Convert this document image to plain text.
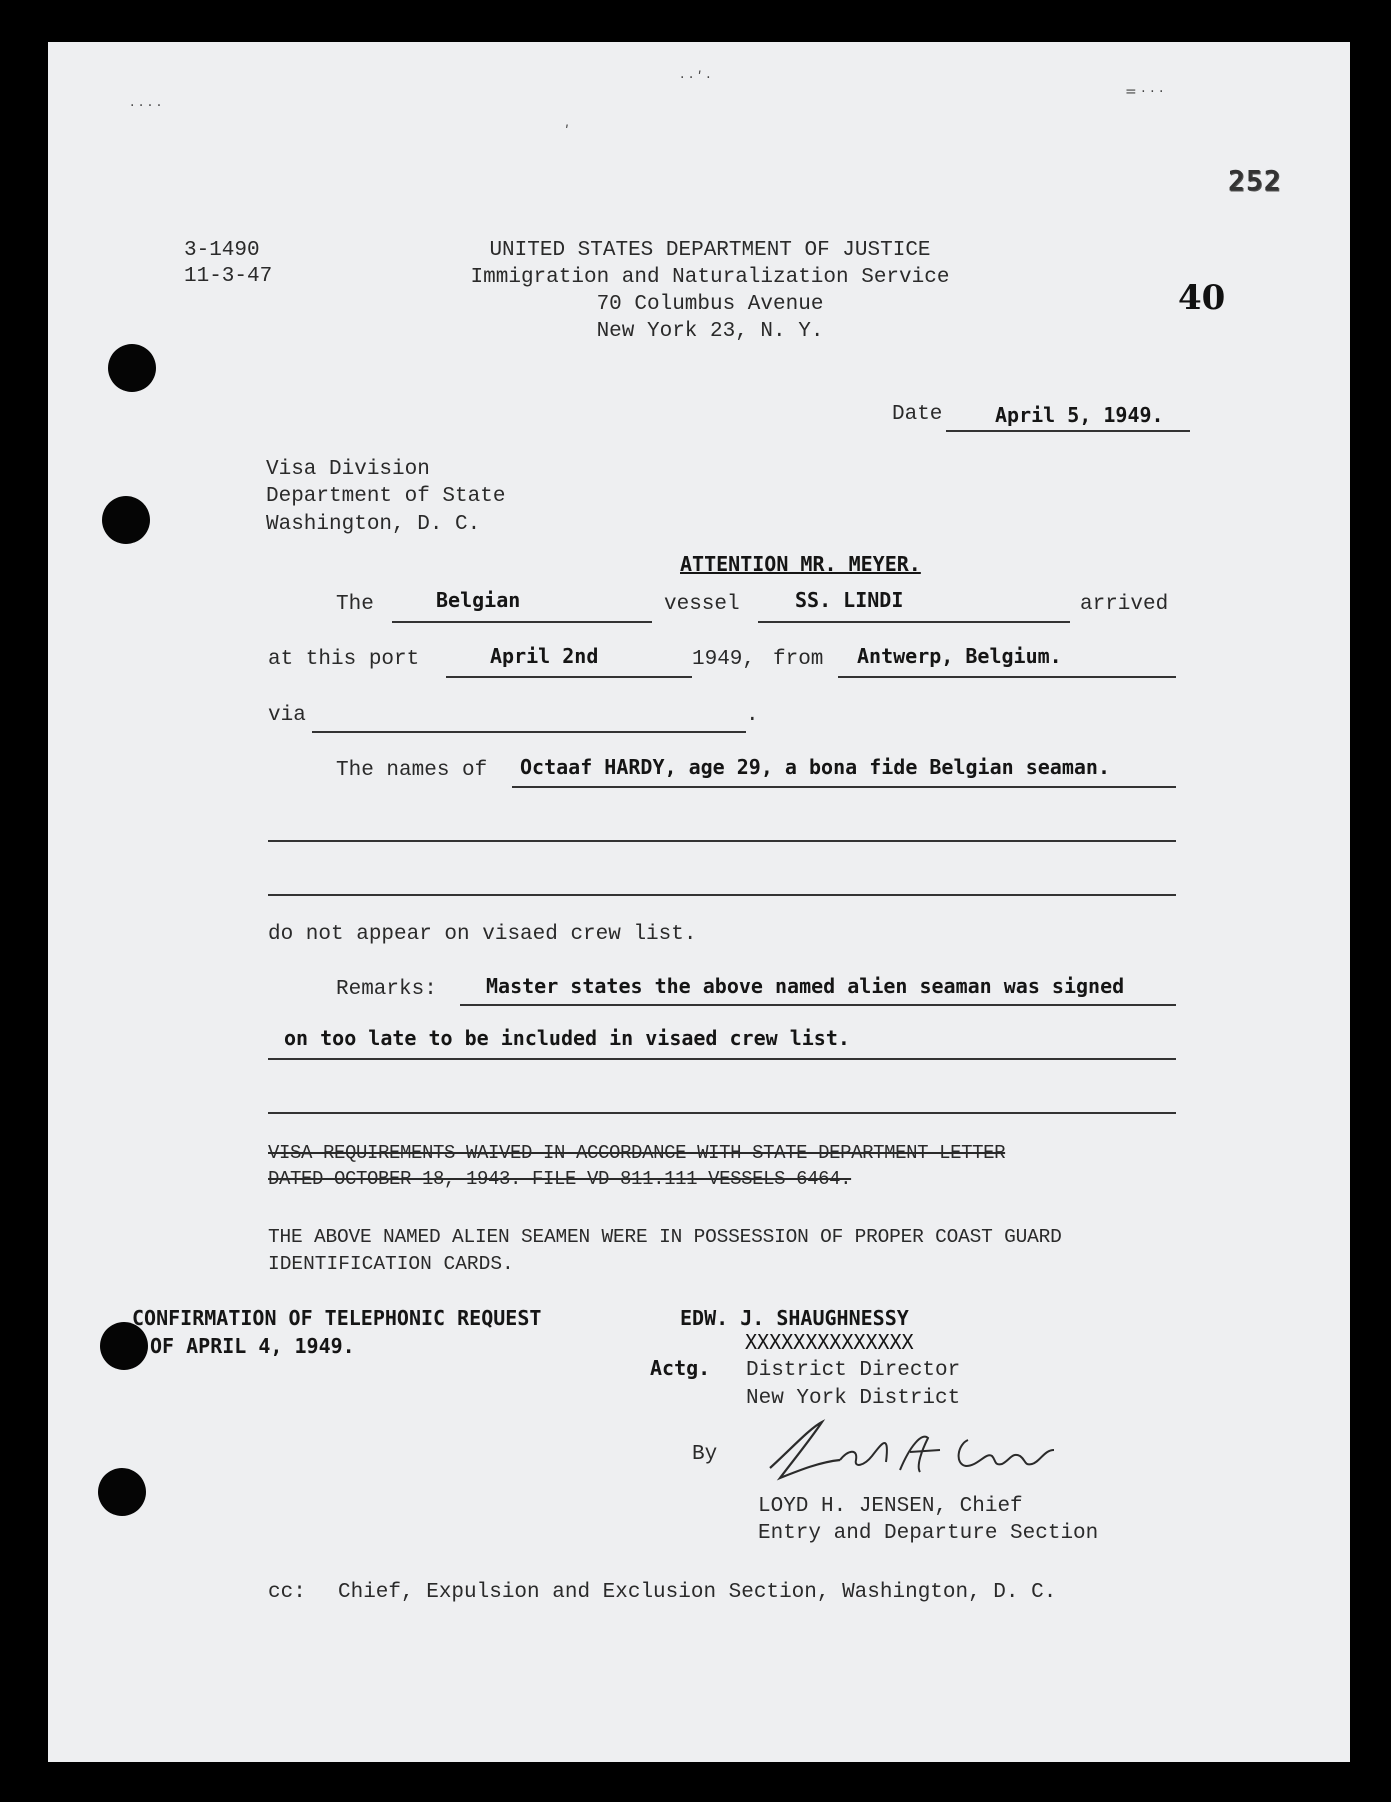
· · · ·
· · ʹ ·
= · · ·
ʹ
252
3-1490
11-3-47
UNITED STATES DEPARTMENT OF JUSTICE
Immigration and Naturalization Service
70 Columbus Avenue
New York 23, N. Y.
40
Date	April 5, 1949.
Visa Division
Department of State
Washington, D. C.
ATTENTION MR. MEYER.
The	Belgian	vessel	SS. LINDI	arrived
at this port	April 2nd	1949, from Antwerp, Belgium.
via	.
The names of Octaaf HARDY, age 29, a bona fide Belgian seaman.
do not appear on visaed crew list.
Remarks: Master states the above named alien seaman was signed
on too late to be included in visaed crew list.
VISA REQUIREMENTS WAIVED IN ACCORDANCE WITH STATE DEPARTMENT LETTER
DATED OCTOBER 18, 1943. FILE VD 811.111 VESSELS 6464.
THE ABOVE NAMED ALIEN SEAMEN WERE IN POSSESSION OF PROPER COAST GUARD
IDENTIFICATION CARDS.
CONFIRMATION OF TELEPHONIC REQUEST
OF APRIL 4, 1949.
EDW. J. SHAUGHNESSY
XXXXXXXXXXXXXX
Actg. District Director
New York District
By
LOYD H. JENSEN, Chief
Entry and Departure Section
cc: Chief, Expulsion and Exclusion Section, Washington, D. C.
